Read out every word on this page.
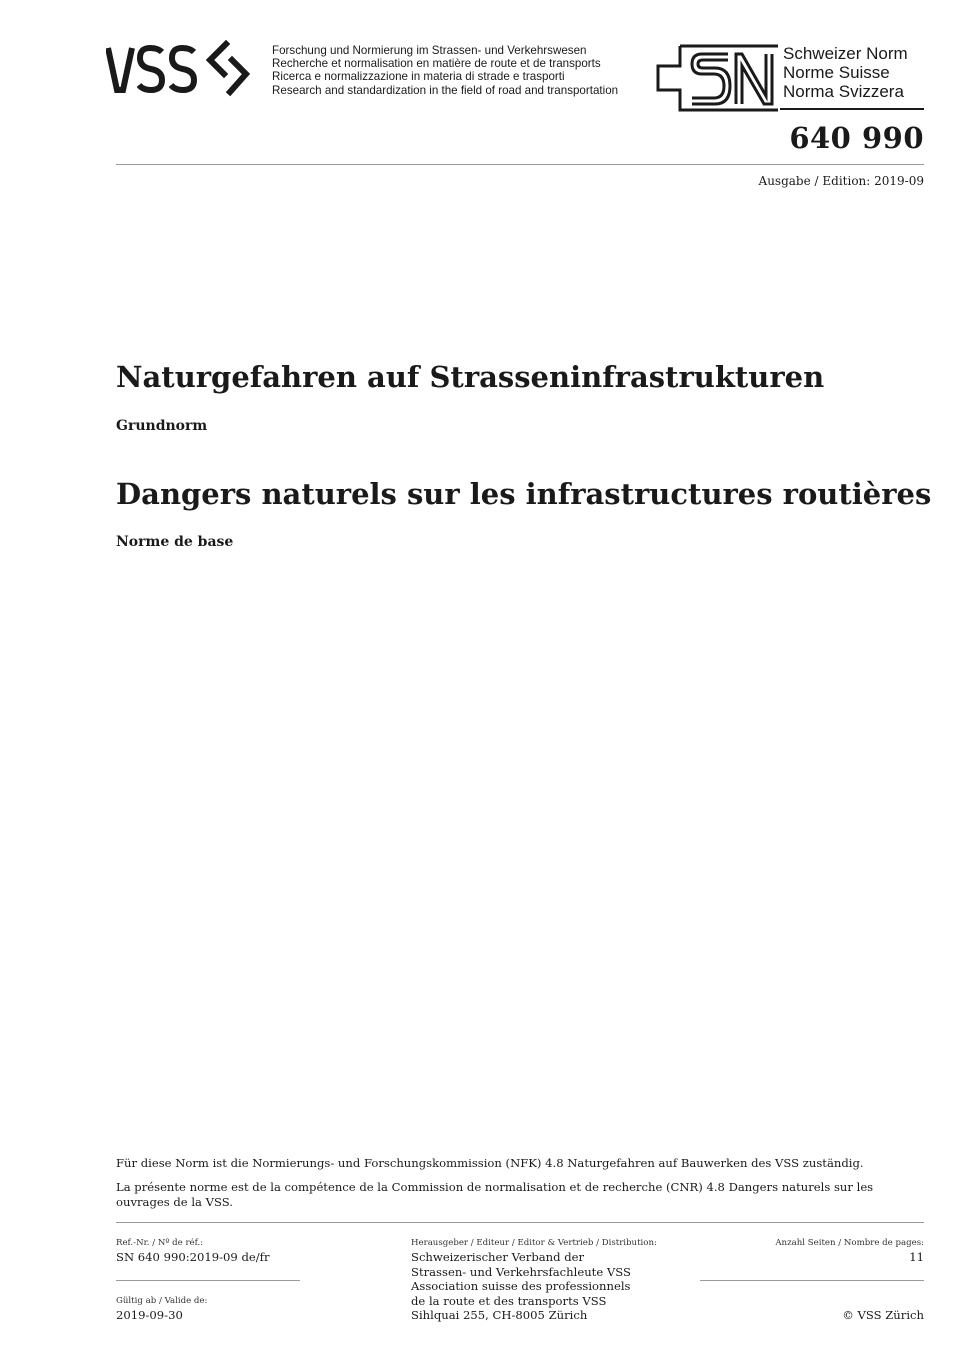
Forschung und Normierung im Strassen- und Verkehrswesen
Recherche et normalisation en matière de route et de transports
Ricerca e normalizzazione in materia di strade e trasporti
Research and standardization in the field of road and transportation
Schweizer Norm
Norme Suisse
Norma Svizzera
640 990
Ausgabe / Edition: 2019-09
Naturgefahren auf Strasseninfrastrukturen
Grundnorm
Dangers naturels sur les infrastructures routières
Norme de base
Für diese Norm ist die Normierungs- und Forschungskommission (NFK) 4.8 Naturgefahren auf Bauwerken des VSS zuständig.
La présente norme est de la compétence de la Commission de normalisation et de recherche (CNR) 4.8 Dangers naturels sur les ouvrages de la VSS.
Ref.-Nr. / Nº de réf.:
SN 640 990:2019-09 de/fr
Gültig ab / Valide de:
2019-09-30
Herausgeber / Editeur / Editor & Vertrieb / Distribution:
Schweizerischer Verband der
Strassen- und Verkehrsfachleute VSS
Association suisse des professionnels
de la route et des transports VSS
Sihlquai 255, CH-8005 Zürich
Anzahl Seiten / Nombre de pages:
11
© VSS Zürich
